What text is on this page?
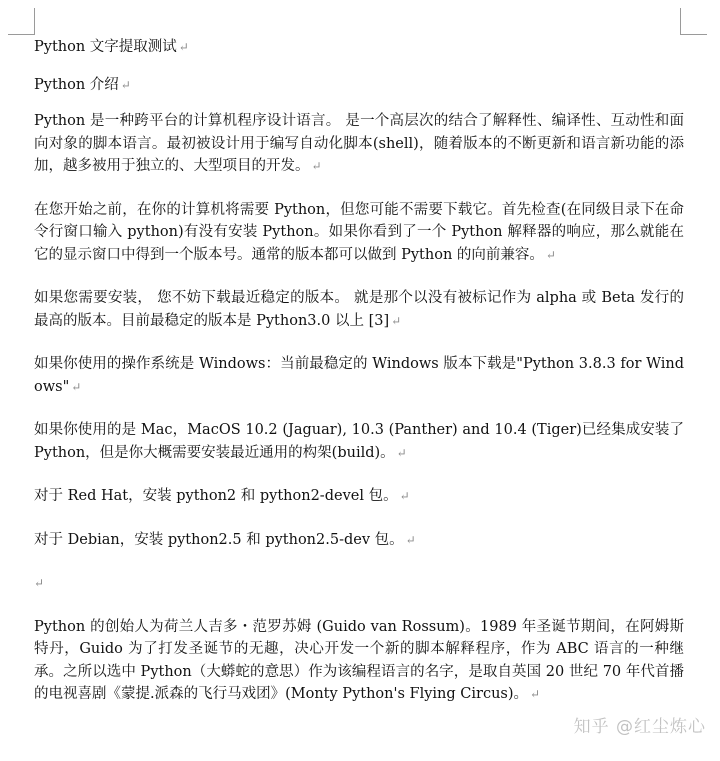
Python 文字提取测试 ↵

Python 介绍 ↵

Python 是一种跨平台的计算机程序设计语言。 是一个高层次的结合了解释性、编译性、互动性和面向对象的脚本语言。最初被设计用于编写自动化脚本(shell)，随着版本的不断更新和语言新功能的添加，越多被用于独立的、大型项目的开发。 ↵

在您开始之前，在你的计算机将需要 Python，但您可能不需要下载它。首先检查(在同级目录下在命令行窗口输入 python)有没有安装 Python。如果你看到了一个 Python 解释器的响应，那么就能在它的显示窗口中得到一个版本号。通常的版本都可以做到 Python 的向前兼容。 ↵

如果您需要安装， 您不妨下载最近稳定的版本。 就是那个以没有被标记作为 alpha 或 Beta 发行的最高的版本。目前最稳定的版本是 Python3.0 以上 [3] ↵

如果你使用的操作系统是 Windows：当前最稳定的 Windows 版本下载是"Python 3.8.3 for Windows" ↵

如果你使用的是 Mac，MacOS 10.2 (Jaguar), 10.3 (Panther) and 10.4 (Tiger)已经集成安装了 Python，但是你大概需要安装最近通用的构架(build)。 ↵

对于 Red Hat，安装 python2 和 python2-devel 包。 ↵

对于 Debian，安装 python2.5 和 python2.5-dev 包。 ↵

↵

Python 的创始人为荷兰人吉多・范罗苏姆 (Guido van Rossum)。1989 年圣诞节期间，在阿姆斯特丹，Guido 为了打发圣诞节的无趣，决心开发一个新的脚本解释程序，作为 ABC 语言的一种继承。之所以选中 Python（大蟒蛇的意思）作为该编程语言的名字，是取自英国 20 世纪 70 年代首播的电视喜剧《蒙提.派森的飞行马戏团》(Monty Python's Flying Circus)。 ↵

知乎 @红尘炼心
